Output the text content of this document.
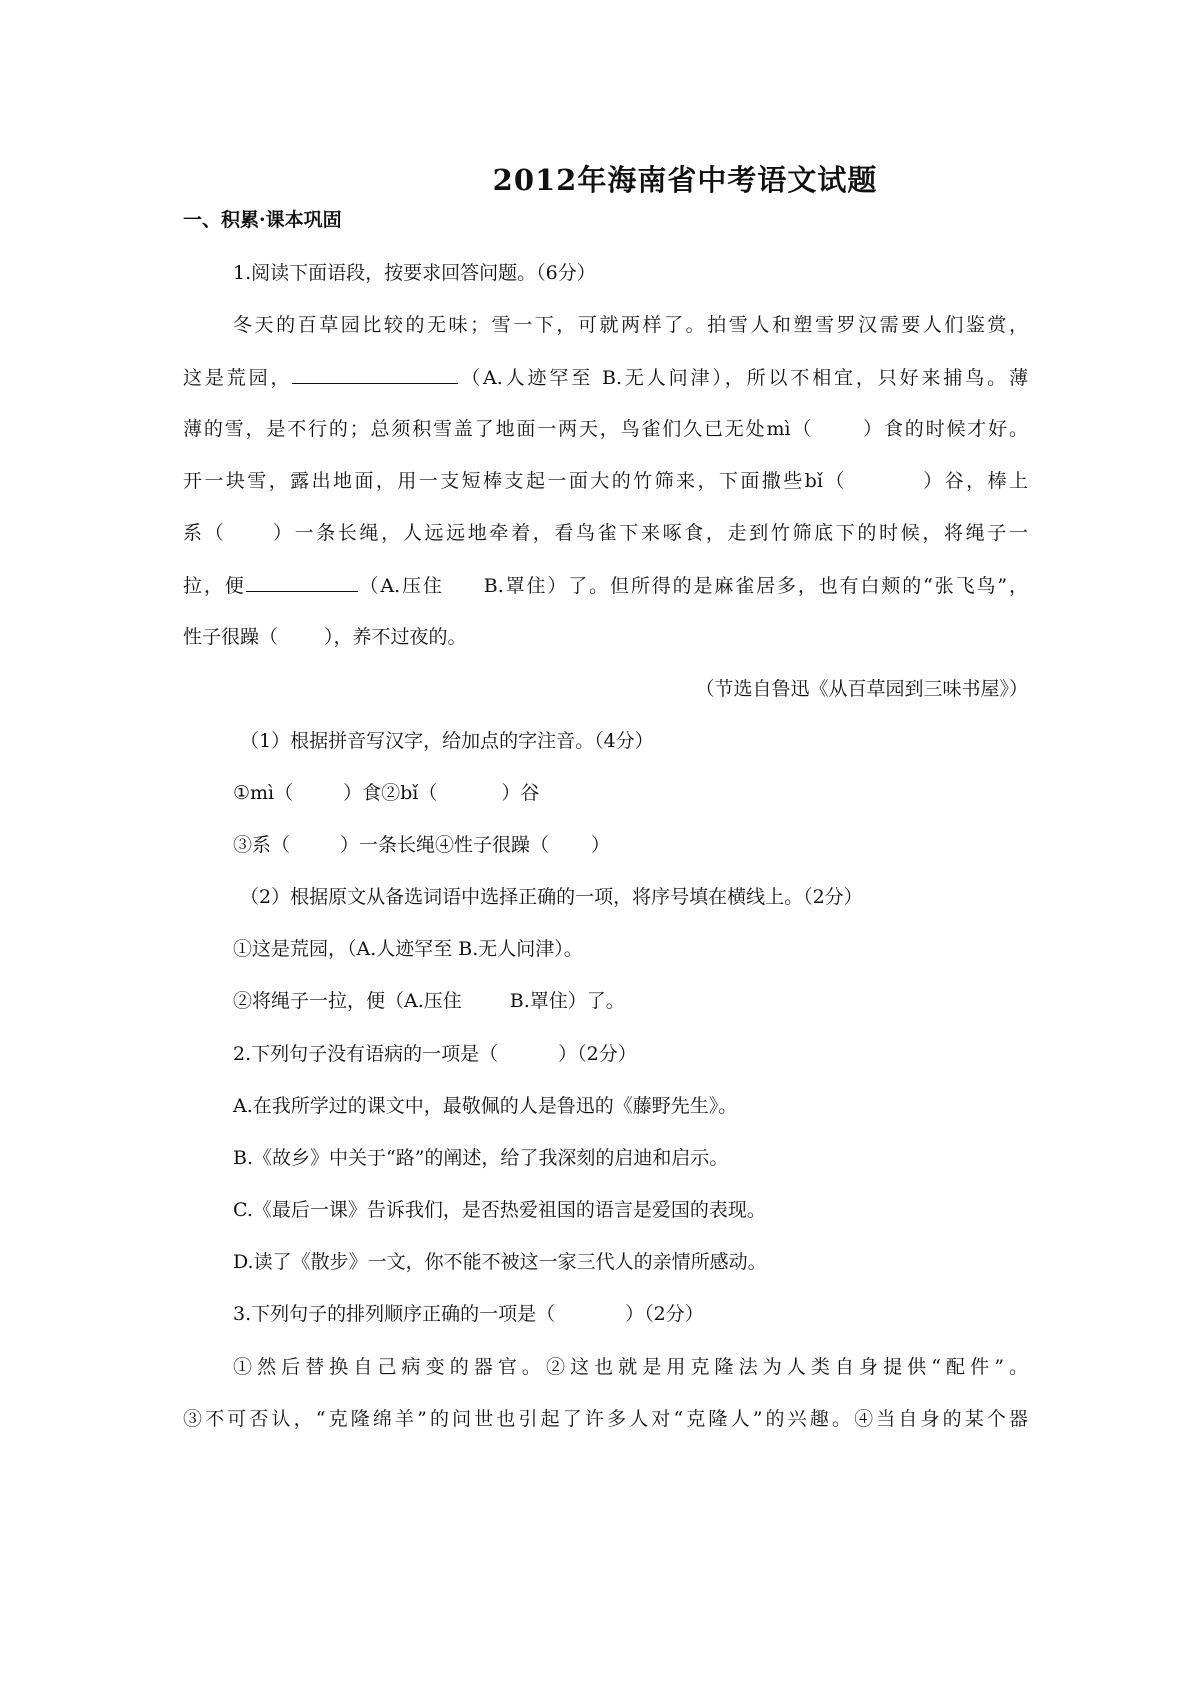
2012年海南省中考语文试题
一、积累·课本巩固
1.阅读下面语段，按要求回答问题。（6分）
冬天的百草园比较的无味；雪一下，可就两样了。拍雪人和塑雪罗汉需要人们鉴赏，
这是荒园，	（A.人迹罕至 B.无人问津），所以不相宜，只好来捕鸟。薄
薄的雪，是不行的；总须积雪盖了地面一两天，鸟雀们久已无处mì（	）食的时候才好。
开一块雪，露出地面，用一支短棒支起一面大的竹筛来，下面撒些bǐ（	）谷，棒上
系（ ）一条长绳，人远远地牵着，看鸟雀下来啄食，走到竹筛底下的时候，将绳子一
拉，便	（A.压住 B.罩住）了。但所得的是麻雀居多，也有白颊的“张飞鸟”，
性子很躁（ ），养不过夜的。
（节选自鲁迅《从百草园到三味书屋》）
（1）根据拼音写汉字，给加点的字注音。（4分）
①mì（	）食②bǐ（	）谷
③系（	）一条长绳④性子很躁（ ）
（2）根据原文从备选词语中选择正确的一项，将序号填在横线上。（2分）
①这是荒园，（A.人迹罕至 B.无人问津）。
②将绳子一拉，便（A.压住	B.罩住）了。
2.下列句子没有语病的一项是（	）（2分）
A.在我所学过的课文中，最敬佩的人是鲁迅的《藤野先生》。
B.《故乡》中关于“路”的阐述，给了我深刻的启迪和启示。
C.《最后一课》告诉我们，是否热爱祖国的语言是爱国的表现。
D.读了《散步》一文，你不能不被这一家三代人的亲情所感动。
3.下列句子的排列顺序正确的一项是（	）（2分）
①然后替换自己病变的器官。②这也就是用克隆法为人类自身提供“配件”。
③不可否认，“克隆绵羊”的问世也引起了许多人对“克隆人”的兴趣。④当自身的某个器
